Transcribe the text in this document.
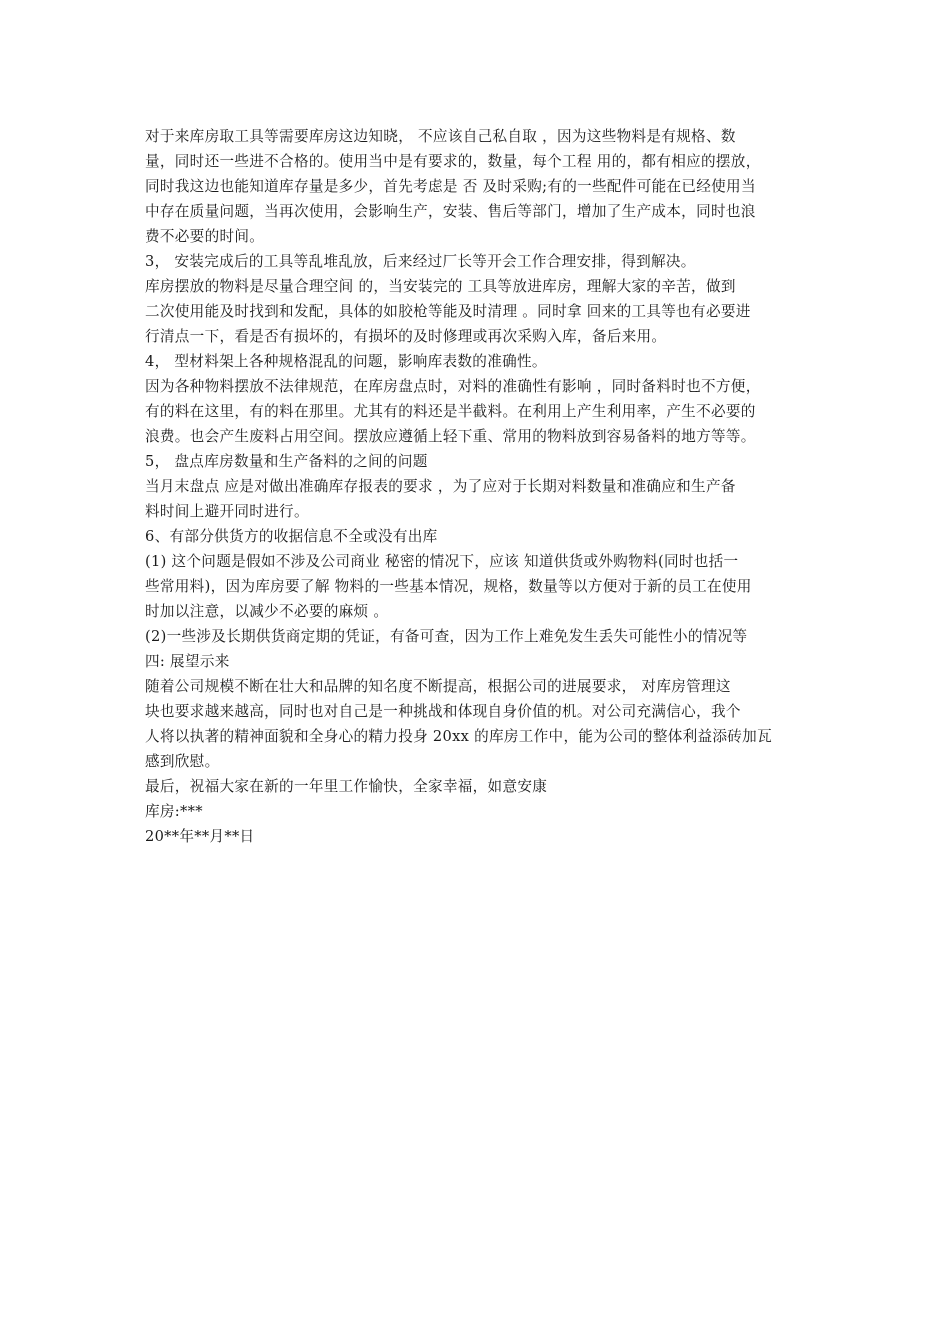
对于来库房取工具等需要库房这边知晓， 不应该自己私自取 ，因为这些物料是有规格、数
量，同时还一些进不合格的。使用当中是有要求的，数量，每个工程 用的，都有相应的摆放，
同时我这边也能知道库存量是多少，首先考虑是 否 及时采购;有的一些配件可能在已经使用当
中存在质量问题，当再次使用，会影响生产，安装、售后等部门，增加了生产成本，同时也浪
费不必要的时间。
3， 安装完成后的工具等乱堆乱放，后来经过厂长等开会工作合理安排，得到解决。
库房摆放的物料是尽量合理空间 的，当安装完的 工具等放进库房，理解大家的辛苦，做到
二次使用能及时找到和发配，具体的如胶枪等能及时清理 。同时拿 回来的工具等也有必要进
行清点一下，看是否有损坏的，有损坏的及时修理或再次采购入库，备后来用。
4， 型材料架上各种规格混乱的问题，影响库表数的准确性。
因为各种物料摆放不法律规范，在库房盘点时，对料的准确性有影响 ，同时备料时也不方便，
有的料在这里，有的料在那里。尤其有的料还是半截料。在利用上产生利用率，产生不必要的
浪费。也会产生废料占用空间。摆放应遵循上轻下重、常用的物料放到容易备料的地方等等。
5， 盘点库房数量和生产备料的之间的问题
当月末盘点 应是对做出准确库存报表的要求 ，为了应对于长期对料数量和准确应和生产备
料时间上避开同时进行。
6、有部分供货方的收据信息不全或没有出库
(1) 这个问题是假如不涉及公司商业 秘密的情况下，应该 知道供货或外购物料(同时也括一
些常用料)，因为库房要了解 物料的一些基本情况，规格，数量等以方便对于新的员工在使用
时加以注意，以减少不必要的麻烦 。
(2)一些涉及长期供货商定期的凭证，有备可查，因为工作上难免发生丢失可能性小的情况等
四: 展望示来
随着公司规模不断在壮大和品牌的知名度不断提高，根据公司的进展要求， 对库房管理这
块也要求越来越高，同时也对自己是一种挑战和体现自身价值的机。对公司充满信心，我个
人将以执著的精神面貌和全身心的精力投身 20xx 的库房工作中，能为公司的整体利益添砖加瓦
感到欣慰。
最后，祝福大家在新的一年里工作愉快，全家幸福，如意安康
库房:***
20**年**月**日
